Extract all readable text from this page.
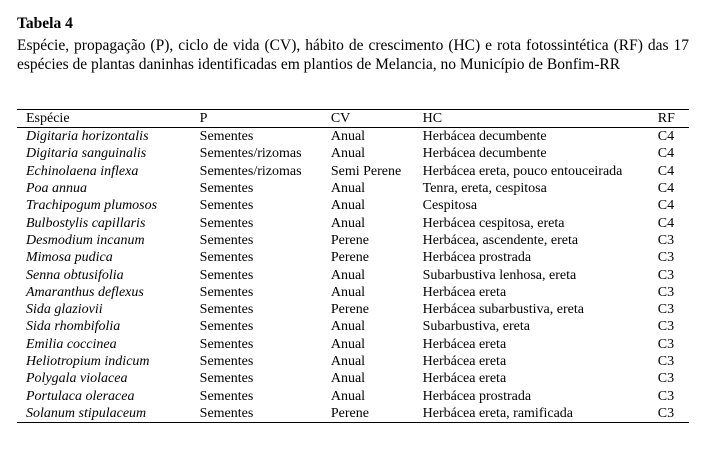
Tabela 4
Espécie, propagação (P), ciclo de vida (CV), hábito de crescimento (HC) e rota fotossintética (RF) das 17 espécies de plantas daninhas identificadas em plantios de Melancia, no Município de Bonfim-RR
Espécie	P	CV	HC	RF
Digitaria horizontalis	Sementes	Anual	Herbácea decumbente	C4
Digitaria sanguinalis	Sementes/rizomas	Anual	Herbácea decumbente	C4
Echinolaena inflexa	Sementes/rizomas	Semi Perene	Herbácea ereta, pouco entouceirada	C4
Poa annua	Sementes	Anual	Tenra, ereta, cespitosa	C4
Trachipogum plumosos	Sementes	Anual	Cespitosa	C4
Bulbostylis capillaris	Sementes	Anual	Herbácea cespitosa, ereta	C4
Desmodium incanum	Sementes	Perene	Herbácea, ascendente, ereta	C3
Mimosa pudica	Sementes	Perene	Herbácea prostrada	C3
Senna obtusifolia	Sementes	Anual	Subarbustiva lenhosa, ereta	C3
Amaranthus deflexus	Sementes	Anual	Herbácea ereta	C3
Sida glaziovii	Sementes	Perene	Herbácea subarbustiva, ereta	C3
Sida rhombifolia	Sementes	Anual	Subarbustiva, ereta	C3
Emilia coccinea	Sementes	Anual	Herbácea ereta	C3
Heliotropium indicum	Sementes	Anual	Herbácea ereta	C3
Polygala violacea	Sementes	Anual	Herbácea ereta	C3
Portulaca oleracea	Sementes	Anual	Herbácea prostrada	C3
Solanum stipulaceum	Sementes	Perene	Herbácea ereta, ramificada	C3
